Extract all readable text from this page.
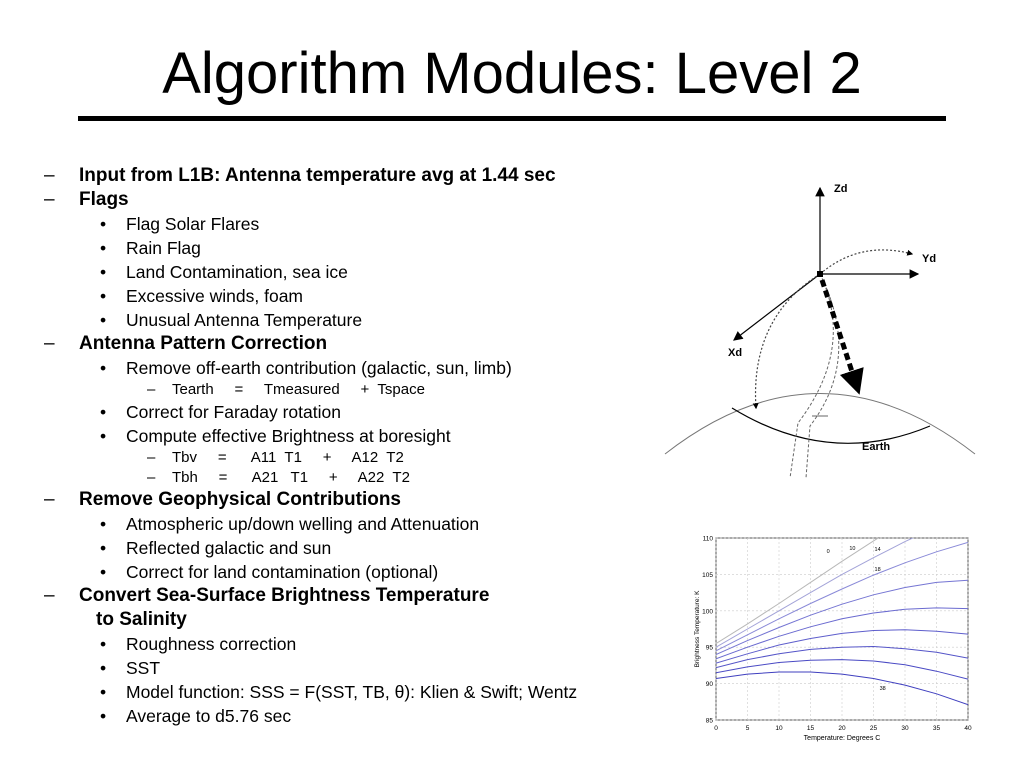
Algorithm Modules: Level 2
– Input from L1B: Antenna temperature avg at 1.44 sec
– Flags
• Flag Solar Flares
• Rain Flag
• Land Contamination, sea ice
• Excessive winds, foam
• Unusual Antenna Temperature
– Antenna Pattern Correction
• Remove off-earth contribution (galactic, sun, limb)
– Tearth     =     Tmeasured     +  Tspace
• Correct for Faraday rotation
• Compute effective Brightness at boresight
– Tbv     =      A11  T1     +     A12  T2
– Tbh     =      A21   T1     +     A22  T2
– Remove Geophysical Contributions
• Atmospheric up/down welling and Attenuation
• Reflected galactic and sun
• Correct for land contamination (optional)
– Convert Sea-Surface Brightness Temperature
to Salinity
• Roughness correction
• SST
• Model function: SSS = F(SST, TB, θ): Klien & Swift; Wentz
• Average to d5.76 sec
Zd
Yd
Xd
Earth
0	5	10	15	20	25	30	35	40
85
90
95
100
105
110
0	10	14
18
38
Temperature: Degrees C
Brightness Temperature: K
